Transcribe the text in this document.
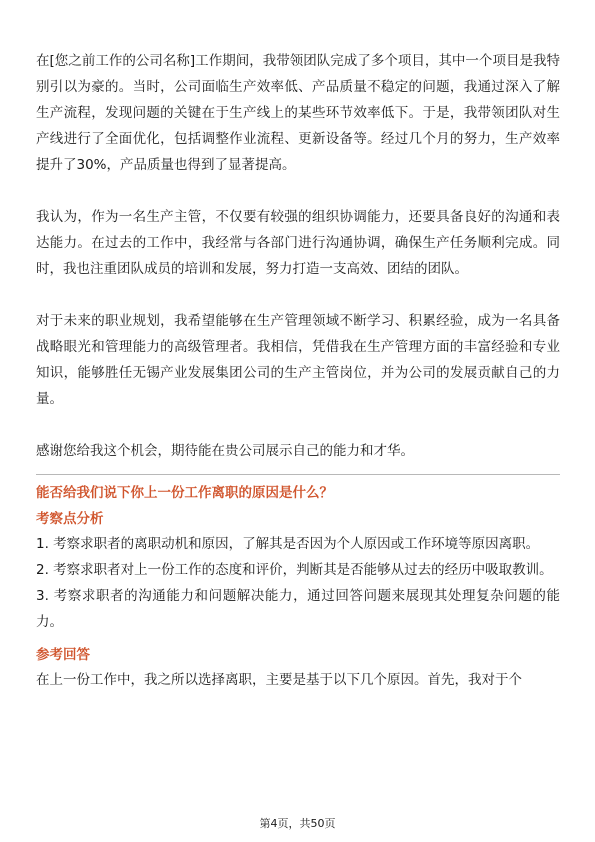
在[您之前工作的公司名称]工作期间，我带领团队完成了多个项目，其中一个项目是我特别引以为豪的。当时，公司面临生产效率低、产品质量不稳定的问题，我通过深入了解生产流程，发现问题的关键在于生产线上的某些环节效率低下。于是，我带领团队对生产线进行了全面优化，包括调整作业流程、更新设备等。经过几个月的努力，生产效率提升了30%，产品质量也得到了显著提高。

我认为，作为一名生产主管，不仅要有较强的组织协调能力，还要具备良好的沟通和表达能力。在过去的工作中，我经常与各部门进行沟通协调，确保生产任务顺利完成。同时，我也注重团队成员的培训和发展，努力打造一支高效、团结的团队。

对于未来的职业规划，我希望能够在生产管理领域不断学习、积累经验，成为一名具备战略眼光和管理能力的高级管理者。我相信，凭借我在生产管理方面的丰富经验和专业知识，能够胜任无锡产业发展集团公司的生产主管岗位，并为公司的发展贡献自己的力量。

感谢您给我这个机会，期待能在贵公司展示自己的能力和才华。

能否给我们说下你上一份工作离职的原因是什么？

考察点分析

1. 考察求职者的离职动机和原因，了解其是否因为个人原因或工作环境等原因离职。

2. 考察求职者对上一份工作的态度和评价，判断其是否能够从过去的经历中吸取教训。

3. 考察求职者的沟通能力和问题解决能力，通过回答问题来展现其处理复杂问题的能力。

参考回答

在上一份工作中，我之所以选择离职，主要是基于以下几个原因。首先，我对于个

第4页，共50页
